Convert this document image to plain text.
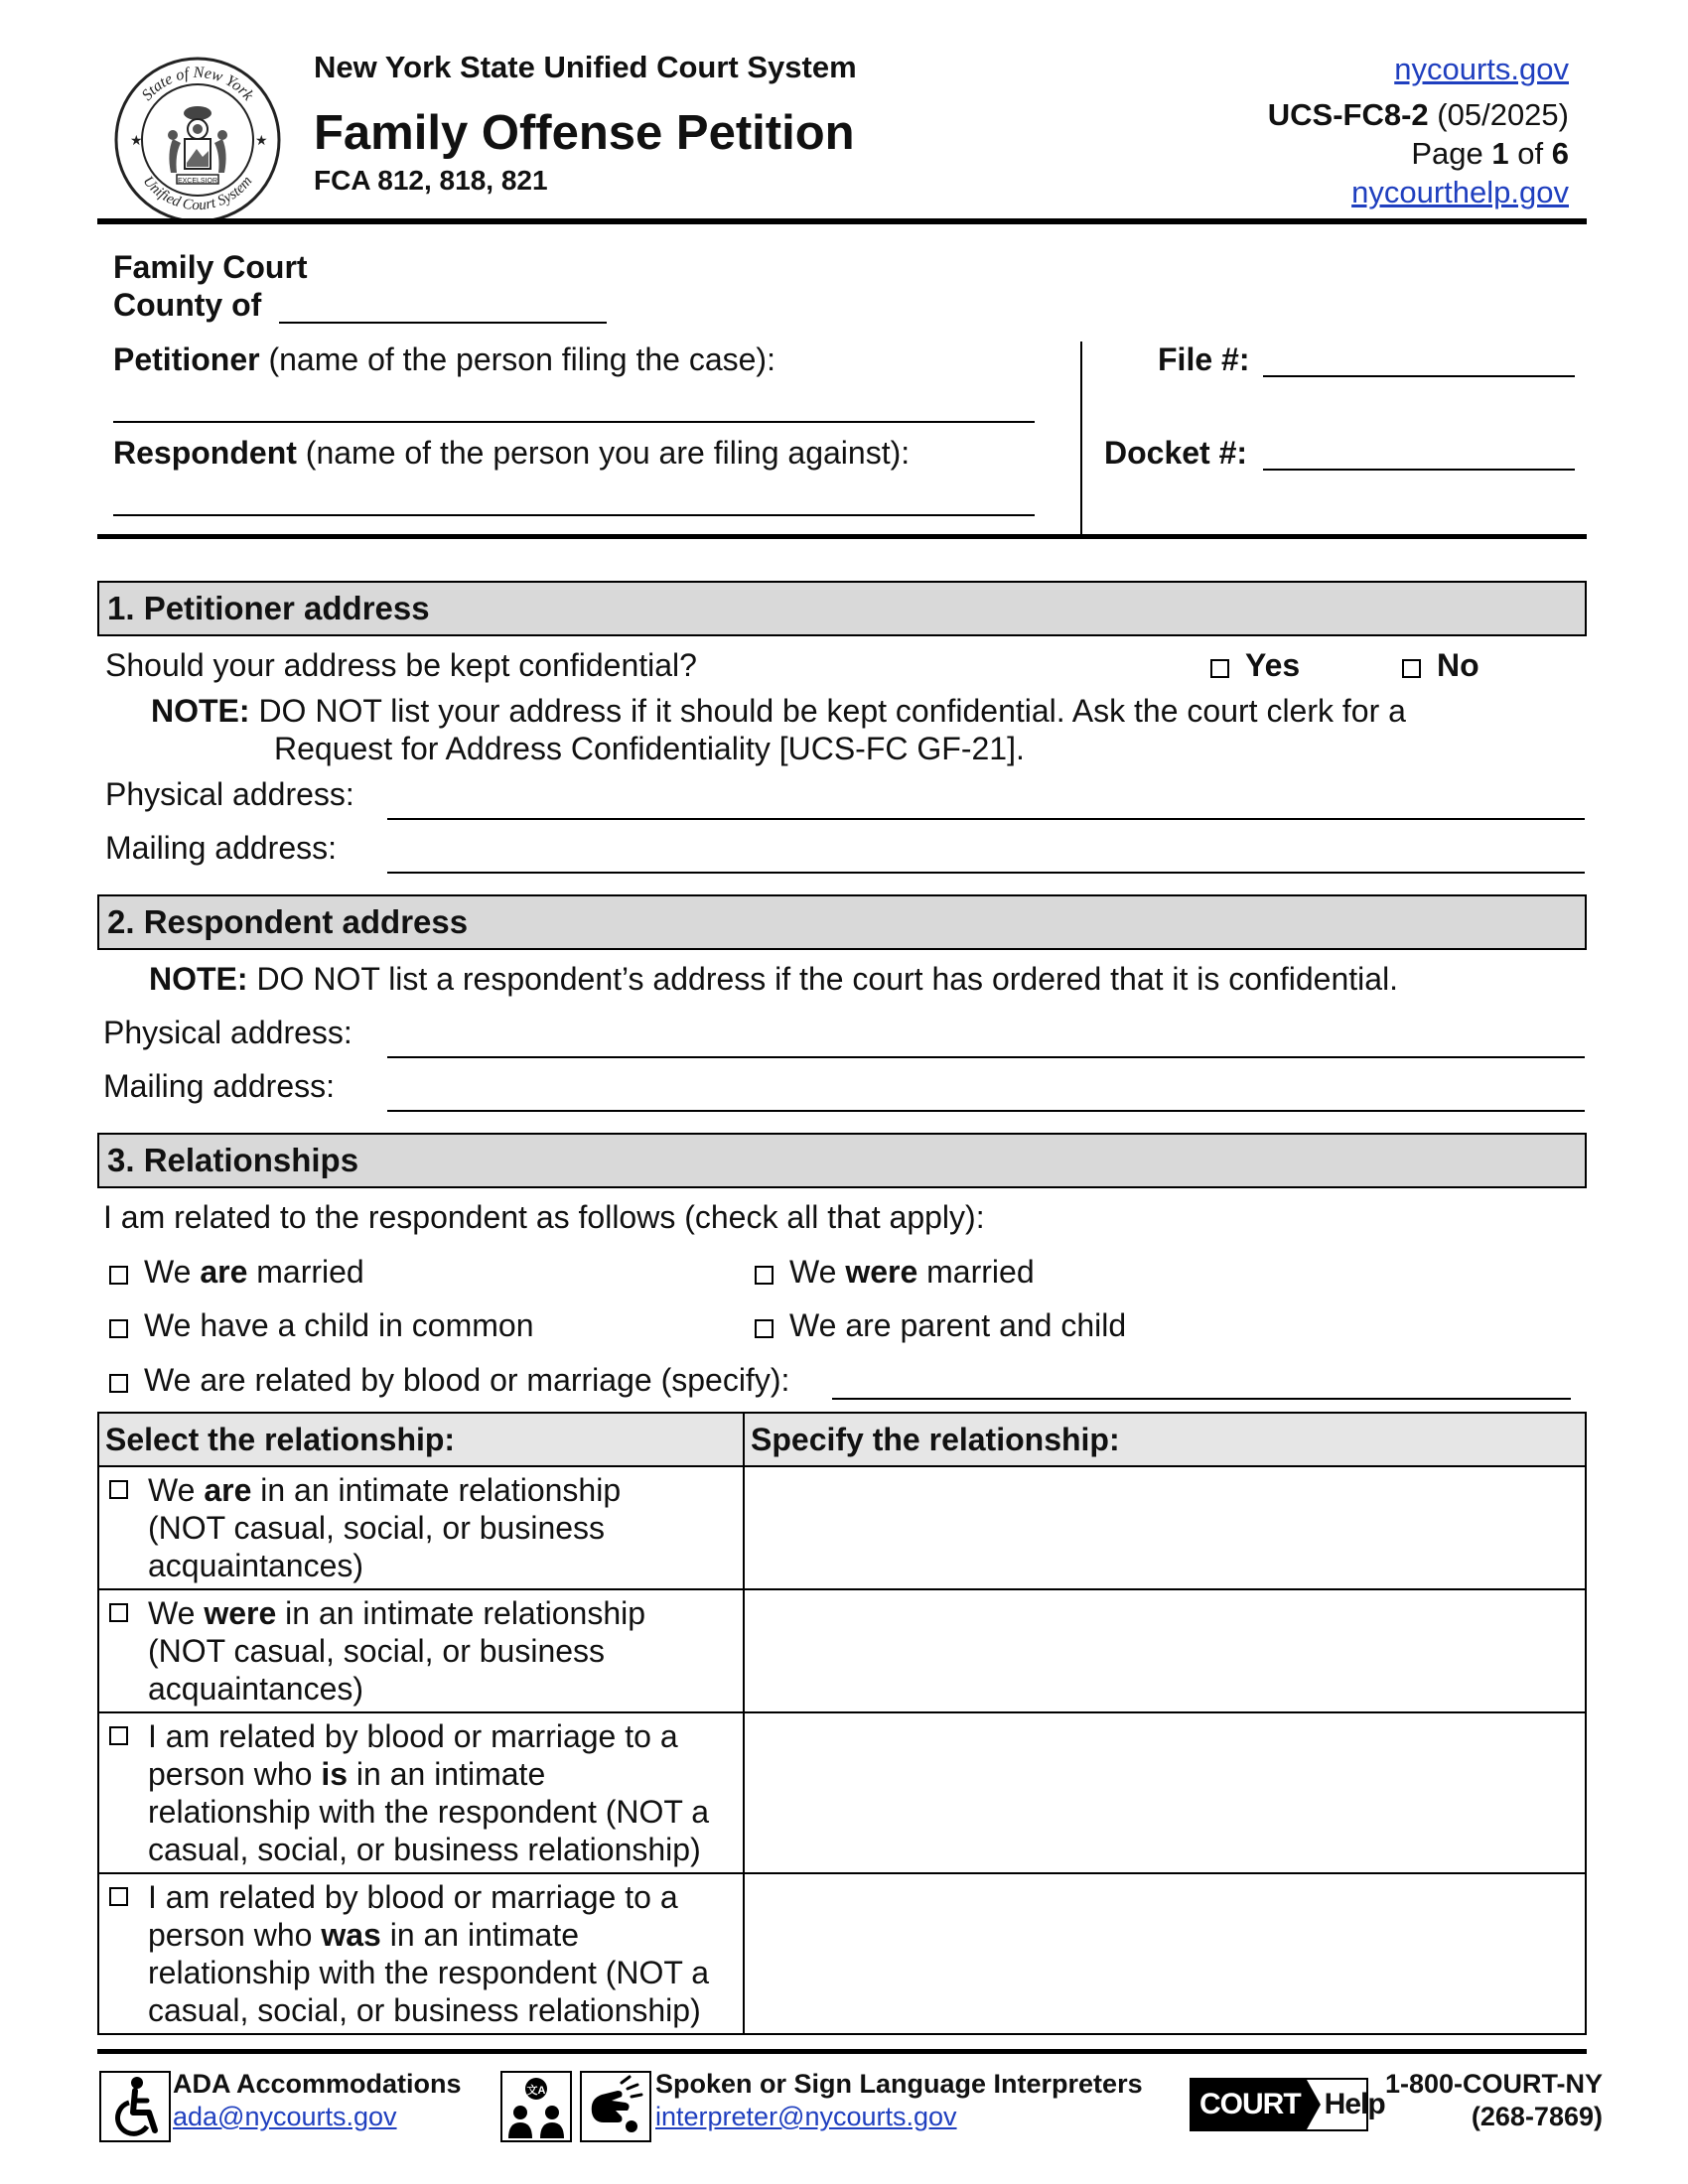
State of New York
Unified Court System
★	★
EXCELSIOR
New York State Unified Court System
Family Offense Petition
FCA 812, 818, 821
nycourts.gov
UCS-FC8-2 (05/2025)
Page 1 of 6
nycourthelp.gov
Family Court
County of
Petitioner (name of the person filing the case):
Respondent (name of the person you are filing against):
File #:
Docket #:
1. Petitioner address
Should your address be kept confidential?	Yes	No
NOTE: DO NOT list your address if it should be kept confidential. Ask the court clerk for a
Request for Address Confidentiality [UCS-FC GF-21].
Physical address:
Mailing address:
2. Respondent address
NOTE: DO NOT list a respondent’s address if the court has ordered that it is confidential.
Physical address:
Mailing address:
3. Relationships
I am related to the respondent as follows (check all that apply):
We are married	We were married
We have a child in common	We are parent and child
We are related by blood or marriage (specify):
Select the relationship:	Specify the relationship:

We are in an intimate relationship
(NOT casual, social, or business
acquaintances)	

We were in an intimate relationship
(NOT casual, social, or business
acquaintances)	

I am related by blood or marriage to a
person who is in an intimate
relationship with the respondent (NOT a
casual, social, or business relationship)	

I am related by blood or marriage to a
person who was in an intimate
relationship with the respondent (NOT a
casual, social, or business relationship)	

ADA Accommodations
ada@nycourts.gov
文A	Spoken or Sign Language Interpreters
interpreter@nycourts.gov	COURT Help
1-800-COURT-NY
(268-7869)
